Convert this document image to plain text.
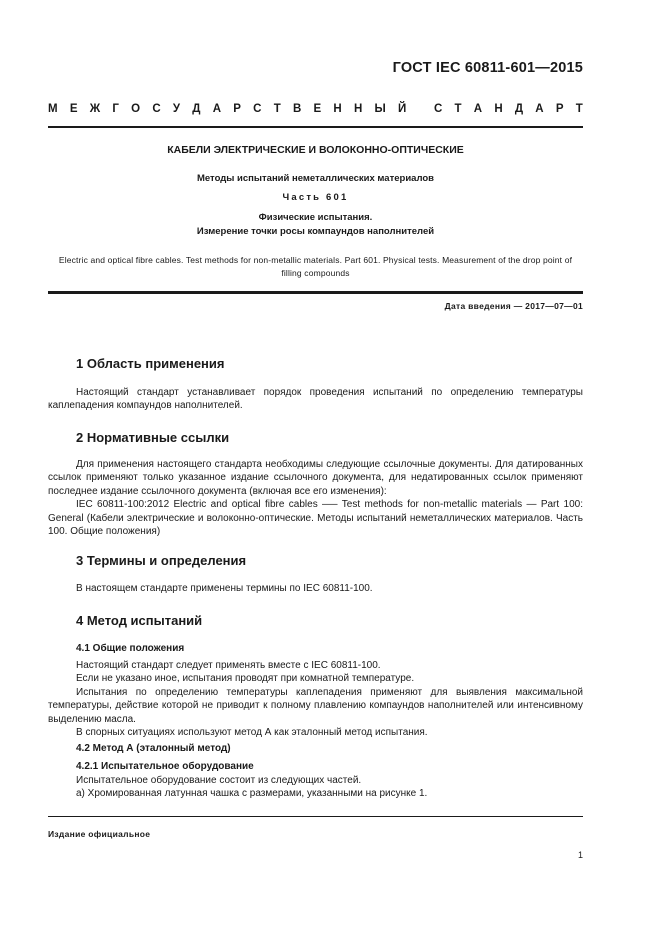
ГОСТ IEC 60811-601—2015
М Е Ж Г О С У Д А Р С Т В Е Н Н Ы Й
С Т А Н Д А Р Т
КАБЕЛИ ЭЛЕКТРИЧЕСКИЕ И ВОЛОКОННО-ОПТИЧЕСКИЕ
Методы испытаний неметаллических материалов
Часть 601
Физические испытания.
Измерение точки росы компаундов наполнителей
Electric and optical fibre cables. Test methods for non-metallic materials. Part 601. Physical tests. Measurement of the drop point of filling compounds
Дата введения — 2017—07—01
1 Область применения

Настоящий стандарт устанавливает порядок проведения испытаний по определению температуры каплепадения компаундов наполнителей.

2 Нормативные ссылки

Для применения настоящего стандарта необходимы следующие ссылочные документы. Для датированных ссылок применяют только указанное издание ссылочного документа, для недатированных ссылок применяют последнее издание ссылочного документа (включая все его изменения):

IEC 60811-100:2012 Electric and optical fibre cables —– Test methods for non-metallic materials — Part 100: General (Кабели электрические и волоконно-оптические. Методы испытаний неметаллических материалов. Часть 100. Общие положения)

3 Термины и определения

В настоящем стандарте применены термины по IEC 60811-100.

4 Метод испытаний
4.1 Общие положения

Настоящий стандарт следует применять вместе с IEC 60811-100.

Если не указано иное, испытания проводят при комнатной температуре.

Испытания по определению температуры каплепадения применяют для выявления максимальной температуры, действие которой не приводит к полному плавлению компаундов наполнителей или интенсивному выделению масла.

В спорных ситуациях используют метод А как эталонный метод испытания.

4.2 Метод А (эталонный метод)
4.2.1 Испытательное оборудование

Испытательное оборудование состоит из следующих частей.

а) Хромированная латунная чашка с размерами, указанными на рисунке 1.

Издание официальное
1
